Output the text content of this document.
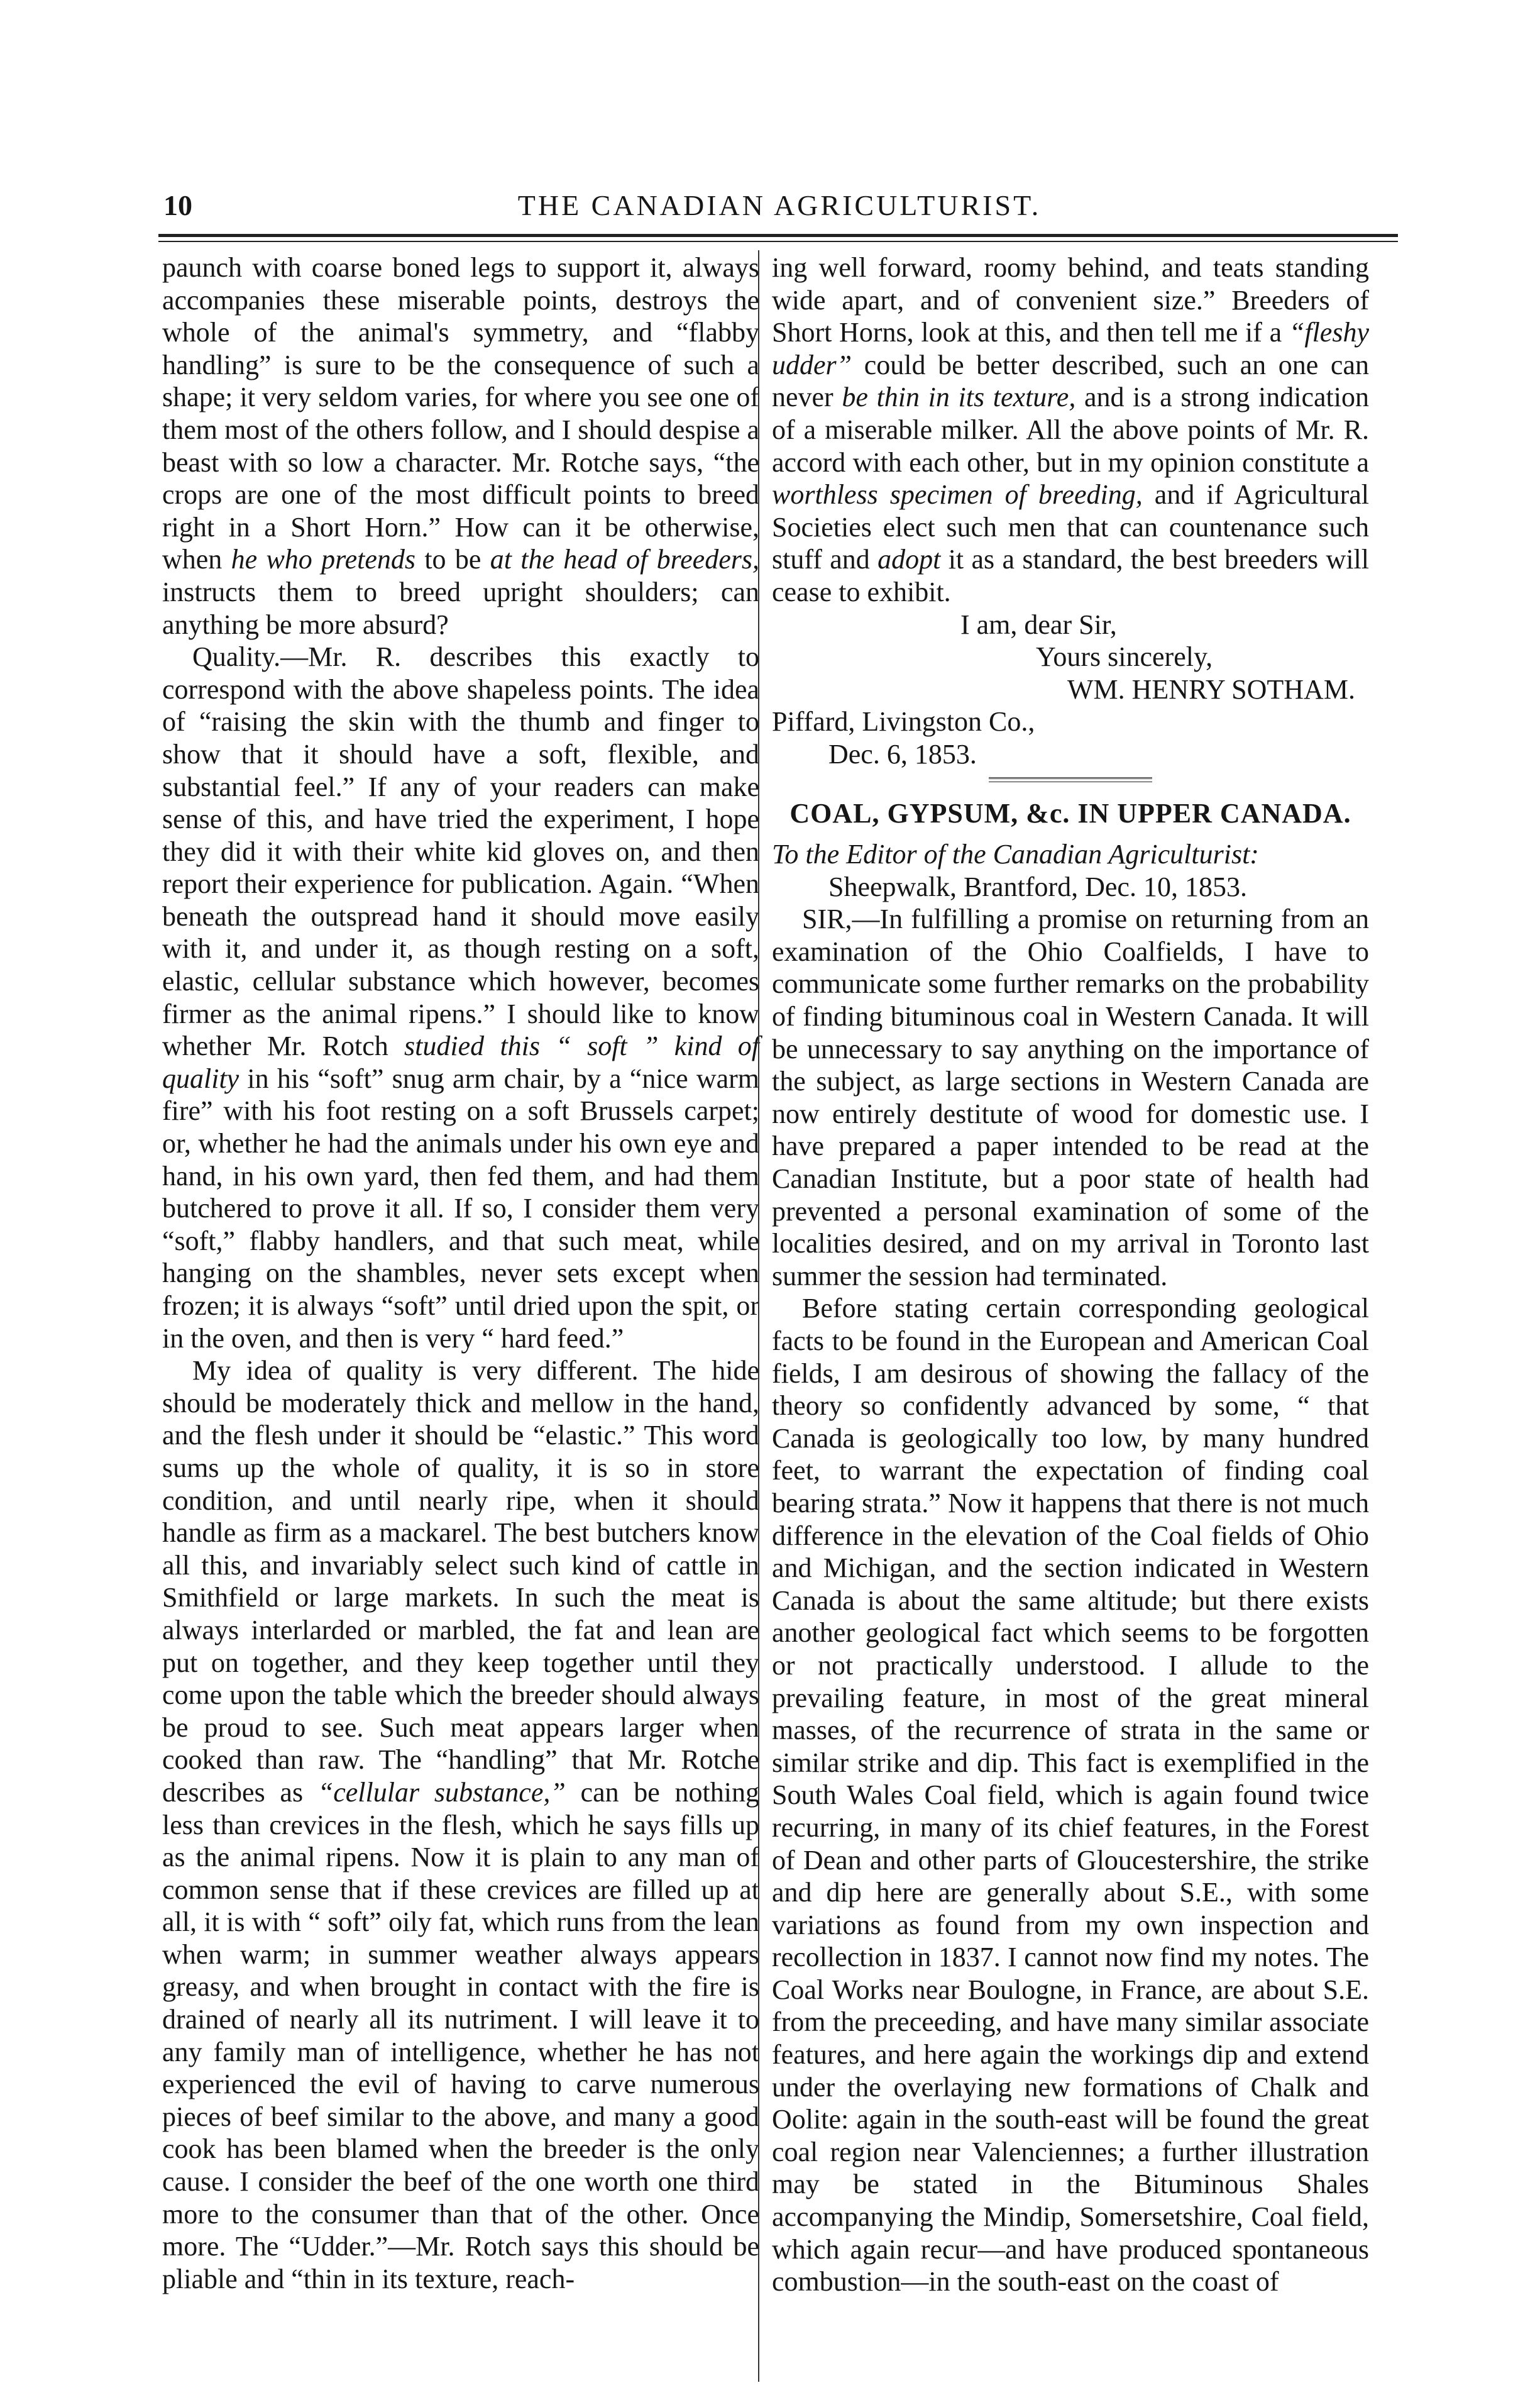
10	THE CANADIAN AGRICULTURIST.

paunch with coarse boned legs to support it, always accompanies these miserable points, destroys the whole of the animal's symmetry, and “flabby handling” is sure to be the consequence of such a shape; it very seldom varies, for where you see one of them most of the others follow, and I should despise a beast with so low a character. Mr. Rotche says, “the crops are one of the most difficult points to breed right in a Short Horn.” How can it be otherwise, when he who pretends to be at the head of breeders, instructs them to breed upright shoulders; can anything be more absurd?

Quality.—Mr. R. describes this exactly to correspond with the above shapeless points. The idea of “raising the skin with the thumb and finger to show that it should have a soft, flexible, and substantial feel.” If any of your readers can make sense of this, and have tried the experiment, I hope they did it with their white kid gloves on, and then report their experience for publication. Again. “When beneath the outspread hand it should move easily with it, and under it, as though resting on a soft, elastic, cellular substance which however, becomes firmer as the animal ripens.” I should like to know whether Mr. Rotch studied this “ soft ” kind of quality in his “soft” snug arm chair, by a “nice warm fire” with his foot resting on a soft Brussels carpet; or, whether he had the animals under his own eye and hand, in his own yard, then fed them, and had them butchered to prove it all. If so, I consider them very “soft,” flabby handlers, and that such meat, while hanging on the shambles, never sets except when frozen; it is always “soft” until dried upon the spit, or in the oven, and then is very “ hard feed.”

My idea of quality is very different. The hide should be moderately thick and mellow in the hand, and the flesh under it should be “elastic.” This word sums up the whole of quality, it is so in store condition, and until nearly ripe, when it should handle as firm as a mackarel. The best butchers know all this, and invariably select such kind of cattle in Smithfield or large markets. In such the meat is always interlarded or marbled, the fat and lean are put on together, and they keep together until they come upon the table which the breeder should always be proud to see. Such meat appears larger when cooked than raw. The “handling” that Mr. Rotche describes as “cellular substance,” can be nothing less than crevices in the flesh, which he says fills up as the animal ripens. Now it is plain to any man of common sense that if these crevices are filled up at all, it is with “ soft” oily fat, which runs from the lean when warm; in summer weather always appears greasy, and when brought in contact with the fire is drained of nearly all its nutriment. I will leave it to any family man of intelligence, whether he has not experienced the evil of having to carve numerous pieces of beef similar to the above, and many a good cook has been blamed when the breeder is the only cause. I consider the beef of the one worth one third more to the consumer than that of the other. Once more. The “Udder.”—Mr. Rotch says this should be pliable and “thin in its texture, reach-

ing well forward, roomy behind, and teats standing wide apart, and of convenient size.” Breeders of Short Horns, look at this, and then tell me if a “fleshy udder” could be better described, such an one can never be thin in its texture, and is a strong indication of a miserable milker. All the above points of Mr. R. accord with each other, but in my opinion constitute a worthless specimen of breeding, and if Agricultural Societies elect such men that can countenance such stuff and adopt it as a standard, the best breeders will cease to exhibit.

I am, dear Sir,

Yours sincerely,

WM. HENRY SOTHAM.

Piffard, Livingston Co.,

Dec. 6, 1853.

COAL, GYPSUM, &c. IN UPPER CANADA.

To the Editor of the Canadian Agriculturist:

Sheepwalk, Brantford, Dec. 10, 1853.

SIR,—In fulfilling a promise on returning from an examination of the Ohio Coalfields, I have to communicate some further remarks on the probability of finding bituminous coal in Western Canada. It will be unnecessary to say anything on the importance of the subject, as large sections in Western Canada are now entirely destitute of wood for domestic use. I have prepared a paper intended to be read at the Canadian Institute, but a poor state of health had prevented a personal examination of some of the localities desired, and on my arrival in Toronto last summer the session had terminated.

Before stating certain corresponding geological facts to be found in the European and American Coal fields, I am desirous of showing the fallacy of the theory so confidently advanced by some, “ that Canada is geologically too low, by many hundred feet, to warrant the expectation of finding coal bearing strata.” Now it happens that there is not much difference in the elevation of the Coal fields of Ohio and Michigan, and the section indicated in Western Canada is about the same altitude; but there exists another geological fact which seems to be forgotten or not practically understood. I allude to the prevailing feature, in most of the great mineral masses, of the recurrence of strata in the same or similar strike and dip. This fact is exemplified in the South Wales Coal field, which is again found twice recurring, in many of its chief features, in the Forest of Dean and other parts of Gloucestershire, the strike and dip here are generally about S.E., with some variations as found from my own inspection and recollection in 1837. I cannot now find my notes. The Coal Works near Boulogne, in France, are about S.E. from the preceeding, and have many similar associate features, and here again the workings dip and extend under the overlaying new formations of Chalk and Oolite: again in the south-east will be found the great coal region near Valenciennes; a further illustration may be stated in the Bituminous Shales accompanying the Mindip, Somersetshire, Coal field, which again recur—and have produced spontaneous combustion—in the south-east on the coast of
